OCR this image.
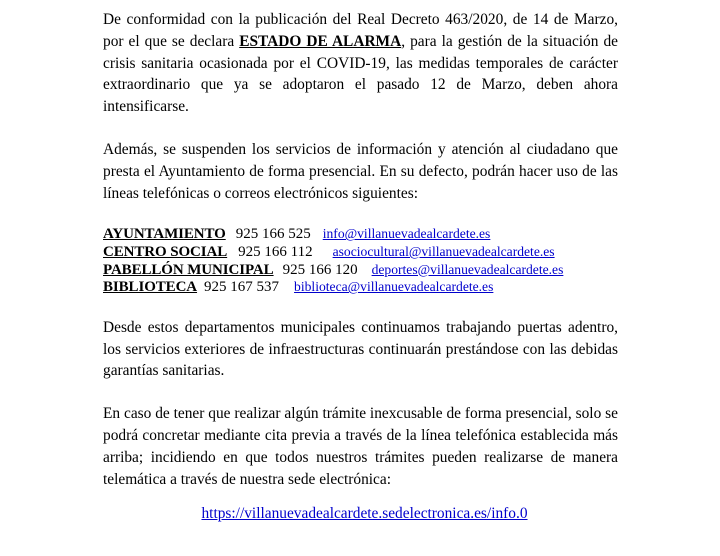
De conformidad con la publicación del Real Decreto 463/2020, de 14 de Marzo, por el que se declara ESTADO DE ALARMA, para la gestión de la situación de crisis sanitaria ocasionada por el COVID-19, las medidas temporales de carácter extraordinario que ya se adoptaron el pasado 12 de Marzo, deben ahora intensificarse.

Además, se suspenden los servicios de información y atención al ciudadano que presta el Ayuntamiento de forma presencial. En su defecto, podrán hacer uso de las líneas telefónicas o correos electrónicos siguientes:

AYUNTAMIENTO 925 166 525 info@villanuevadealcardete.es
CENTRO SOCIAL 925 166 112 asociocultural@villanuevadealcardete.es
PABELLÓN MUNICIPAL 925 166 120 deportes@villanuevadealcardete.es
BIBLIOTECA 925 167 537 biblioteca@villanuevadealcardete.es

Desde estos departamentos municipales continuamos trabajando puertas adentro, los servicios exteriores de infraestructuras continuarán prestándose con las debidas garantías sanitarias.

En caso de tener que realizar algún trámite inexcusable de forma presencial, solo se podrá concretar mediante cita previa a través de la línea telefónica establecida más arriba; incidiendo en que todos nuestros trámites pueden realizarse de manera telemática a través de nuestra sede electrónica:

https://villanuevadealcardete.sedelectronica.es/info.0
